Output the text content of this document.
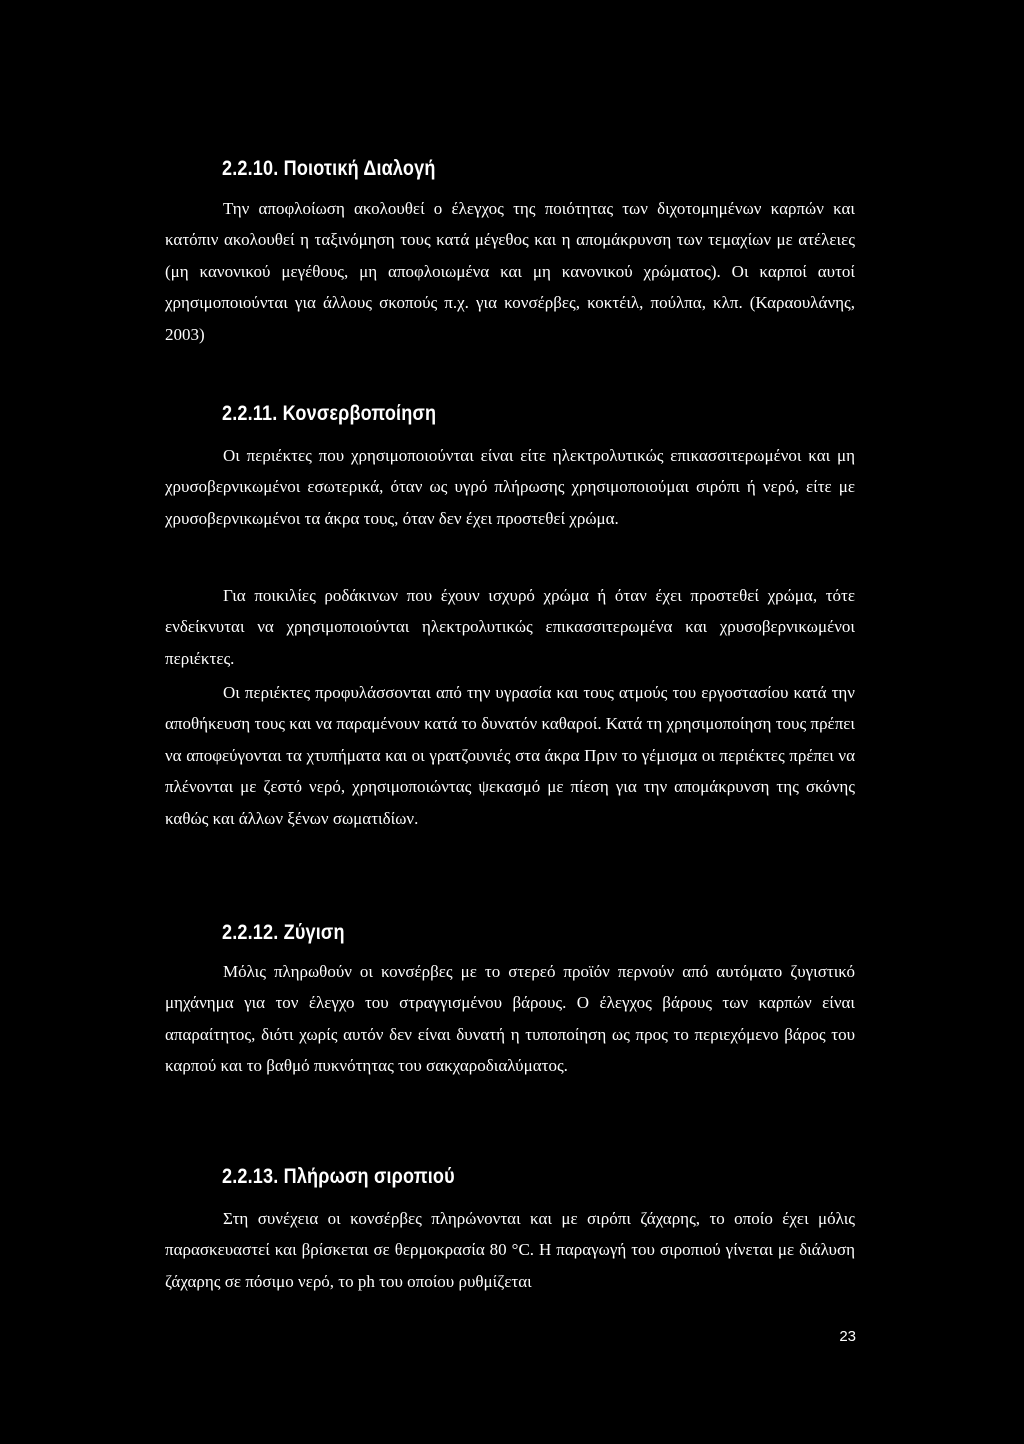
2.2.10. Ποιοτική Διαλογή
Την αποφλοίωση ακολουθεί ο έλεγχος της ποιότητας των διχοτομημένων καρπών και κατόπιν ακολουθεί η ταξινόμηση τους κατά μέγεθος και η απομάκρυνση των τεμαχίων με ατέλειες (μη κανονικού μεγέθους, μη αποφλοιωμένα και μη κανονικού χρώματος). Οι καρποί αυτοί χρησιμοποιούνται για άλλους σκοπούς π.χ. για κονσέρβες, κοκτέιλ, πούλπα, κλπ. (Καραουλάνης, 2003)
2.2.11. Κονσερβοποίηση
Οι περιέκτες που χρησιμοποιούνται είναι είτε ηλεκτρολυτικώς επικασσιτερωμένοι και μη χρυσοβερνικωμένοι εσωτερικά, όταν ως υγρό πλήρωσης χρησιμοποιούμαι σιρόπι ή νερό, είτε με χρυσοβερνικωμένοι τα άκρα τους, όταν δεν έχει προστεθεί χρώμα.
Για ποικιλίες ροδάκινων που έχουν ισχυρό χρώμα ή όταν έχει προστεθεί χρώμα, τότε ενδείκνυται να χρησιμοποιούνται ηλεκτρολυτικώς επικασσιτερωμένα και χρυσοβερνικωμένοι περιέκτες.
Οι περιέκτες προφυλάσσονται από την υγρασία και τους ατμούς του εργοστασίου κατά την αποθήκευση τους και να παραμένουν κατά το δυνατόν καθαροί. Κατά τη χρησιμοποίηση τους πρέπει να αποφεύγονται τα χτυπήματα και οι γρατζουνιές στα άκρα Πριν το γέμισμα οι περιέκτες πρέπει να πλένονται με ζεστό νερό, χρησιμοποιώντας ψεκασμό με πίεση για την απομάκρυνση της σκόνης καθώς και άλλων ξένων σωματιδίων.
2.2.12. Ζύγιση
Μόλις πληρωθούν οι κονσέρβες με το στερεό προϊόν περνούν από αυτόματο ζυγιστικό μηχάνημα για τον έλεγχο του στραγγισμένου βάρους. Ο έλεγχος βάρους των καρπών είναι απαραίτητος, διότι χωρίς αυτόν δεν είναι δυνατή η τυποποίηση ως προς το περιεχόμενο βάρος του καρπού και το βαθμό πυκνότητας του σακχαροδιαλύματος.
2.2.13. Πλήρωση σιροπιού
Στη συνέχεια οι κονσέρβες πληρώνονται και με σιρόπι ζάχαρης, το οποίο έχει μόλις παρασκευαστεί και βρίσκεται σε θερμοκρασία 80 °C. Η παραγωγή του σιροπιού γίνεται με διάλυση ζάχαρης σε πόσιμο νερό, το ph του οποίου ρυθμίζεται
23
